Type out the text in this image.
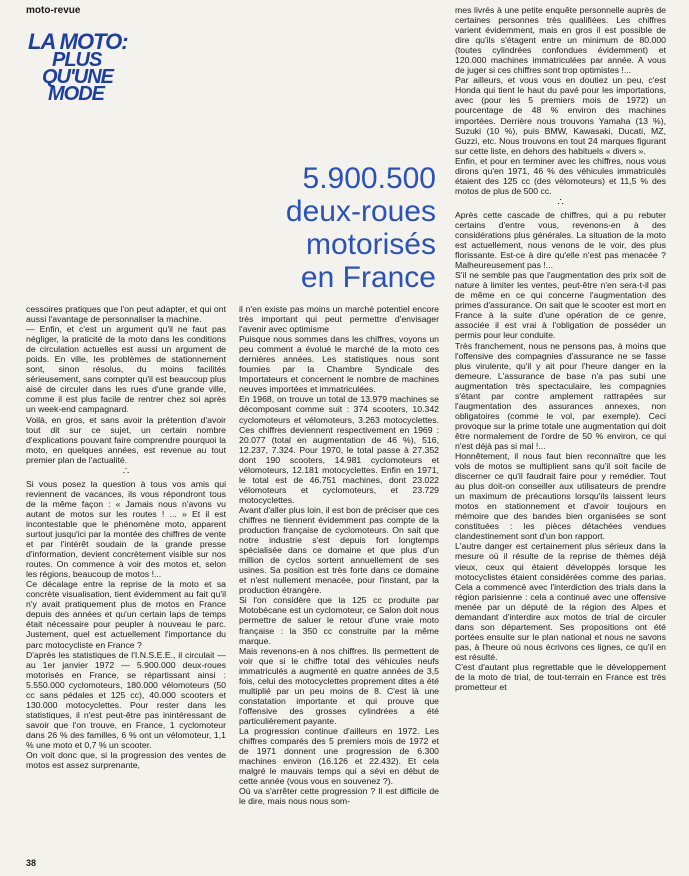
moto-revue
LA MOTO:
PLUS
QU'UNE
MODE
5.900.500
deux-roues
motorisés
en France

cessoires pratiques que l'on peut adapter, et qui ont aussi l'avantage de personnaliser la machine.

— Enfin, et c'est un argument qu'il ne faut pas négliger, la praticité de la moto dans les conditions de circulation actuelles est aussi un argument de poids. En ville, les problèmes de stationnement sont, sinon résolus, du moins facilités sérieusement, sans compter qu'il est beaucoup plus aisé de circuler dans les rues d'une grande ville, comme il est plus facile de rentrer chez soi après un week-end campagnard.

Voilà, en gros, et sans avoir la prétention d'avoir tout dit sur ce sujet, un certain nombre d'explications pouvant faire comprendre pourquoi la moto, en quelques années, est revenue au tout premier plan de l'actualité.

∴

Si vous posez la question à tous vos amis qui reviennent de vacances, ils vous répondront tous de la même façon : « Jamais nous n'avons vu autant de motos sur les routes ! ... » Et il est incontestable que le phénomène moto, apparent surtout jusqu'ici par la montée des chiffres de vente et par l'intérêt soudain de la grande presse d'information, devient concrètement visible sur nos routes. On commence à voir des motos et, selon les régions, beaucoup de motos !...

Ce décalage entre la reprise de la moto et sa concrète visualisation, tient évidemment au fait qu'il n'y avait pratiquement plus de motos en France depuis des années et qu'un certain laps de temps était nécessaire pour peupler à nouveau le parc. Justement, quel est actuellement l'importance du parc motocycliste en France ?

D'après les statistiques de l'I.N.S.E.E., il circulait — au 1er janvier 1972 — 5.900.000 deux-roues motorisés en France, se répartissant ainsi : 5.550.000 cyclomoteurs, 180.000 vélomoteurs (50 cc sans pédales et 125 cc), 40.000 scooters et 130.000 motocyclettes. Pour rester dans les statistiques, il n'est peut-être pas inintéressant de savoir que l'on trouve, en France, 1 cyclomoteur dans 26 % des familles, 6 % ont un vélomoteur, 1,1 % une moto et 0,7 % un scooter.

On voit donc que, si la progression des ventes de motos est assez surprenante,

il n'en existe pas moins un marché potentiel encore très important qui peut permettre d'envisager l'avenir avec optimisme

Puisque nous sommes dans les chiffres, voyons un peu comment a évolué le marché de la moto ces dernières années. Les statistiques nous sont fournies par la Chambre Syndicale des Importateurs et concernent le nombre de machines neuves importées et immatriculées.

En 1968, on trouve un total de 13.979 machines se décomposant comme suit : 374 scooters, 10.342 cyclomoteurs et vélomoteurs, 3.263 motocyclettes. Ces chiffres deviennent respectivement en 1969 : 20.077 (total en augmentation de 46 %), 516, 12.237, 7.324. Pour 1970, le total passe à 27.352 dont 190 scooters, 14.981 cyclomoteurs et vélomoteurs, 12.181 motocyclettes. Enfin en 1971, le total est de 46.751 machines, dont 23.022 vélomoteurs et cyclomoteurs, et 23.729 motocyclettes.

Avant d'aller plus loin, il est bon de préciser que ces chiffres ne tiennent évidemment pas compte de la production française de cyclomoteurs. On sait que notre industrie s'est depuis fort longtemps spécialisée dans ce domaine et que plus d'un million de cyclos sortent annuellement de ses usines. Sa position est très forte dans ce domaine et n'est nullement menacée, pour l'instant, par la production étrangère.

Si l'on considère que la 125 cc produite par Motobécane est un cyclomoteur, ce Salon doit nous permettre de saluer le retour d'une vraie moto française : la 350 cc construite par la même marque.

Mais revenons-en à nos chiffres. Ils permettent de voir que si le chiffre total des véhicules neufs immatriculés a augmenté en quatre années de 3,5 fois, celui des motocyclettes proprement dites a été multiplié par un peu moins de 8. C'est là une constatation importante et qui prouve que l'offensive des grosses cylindrées a été particulièrement payante.

La progression continue d'ailleurs en 1972. Les chiffres comparés des 5 premiers mois de 1972 et de 1971 donnent une progression de 6.300 machines environ (16.126 et 22.432). Et cela malgré le mauvais temps qui a sévi en début de cette année (vous vous en souvenez ?).

Où va s'arrêter cette progression ? Il est difficile de le dire, mais nous nous som-

mes livrés à une petite enquête personnelle auprès de certaines personnes très qualifiées. Les chiffres varient évidemment, mais en gros il est possible de dire qu'ils s'étagent entre un minimum de 80.000 (toutes cylindrées confondues évidemment) et 120.000 machines immatriculées par année. A vous de juger si ces chiffres sont trop optimistes !...

Par ailleurs, et vous vous en doutiez un peu, c'est Honda qui tient le haut du pavé pour les importations, avec (pour les 5 premiers mois de 1972) un pourcentage de 48 % environ des machines importées. Derrière nous trouvons Yamaha (13 %), Suzuki (10 %), puis BMW, Kawasaki, Ducati, MZ, Guzzi, etc. Nous trouvons en tout 24 marques figurant sur cette liste, en dehors des habituels « divers ».

Enfin, et pour en terminer avec les chiffres, nous vous dirons qu'en 1971, 46 % des véhicules immatriculés étaient des 125 cc (des vélomoteurs) et 11,5 % des motos de plus de 500 cc.

∴

Après cette cascade de chiffres, qui a pu rebuter certains d'entre vous, revenons-en à des considérations plus générales. La situation de la moto est actuellement, nous venons de le voir, des plus florissante. Est-ce à dire qu'elle n'est pas menacée ? Malheureusement pas !...

S'il ne semble pas que l'augmentation des prix soit de nature à limiter les ventes, peut-être n'en sera-t-il pas de même en ce qui concerne l'augmentation des primes d'assurance. On sait que le scooter est mort en France à la suite d'une opération de ce genre, associée il est vrai à l'obligation de posséder un permis pour leur conduite.

Très franchement, nous ne pensons pas, à moins que l'offensive des compagnies d'assurance ne se fasse plus virulente, qu'il y ait pour l'heure danger en la demeure. L'assurance de base n'a pas subi une augmentation très spectaculaire, les compagnies s'étant par contre amplement rattrapées sur l'augmentation des assurances annexes, non obligatoires (comme le vol, par exemple). Ceci provoque sur la prime totale une augmentation qui doit être normalement de l'ordre de 50 % environ, ce qui n'est déjà pas si mal !...

Honnêtement, il nous faut bien reconnaître que les vols de motos se multiplient sans qu'il soit facile de discerner ce qu'il faudrait faire pour y remédier. Tout au plus doit-on conseiller aux utilisateurs de prendre un maximum de précautions lorsqu'ils laissent leurs motos en stationnement et d'avoir toujours en mémoire que des bandes bien organisées se sont constituées : les pièces détachées vendues clandestinement sont d'un bon rapport.

L'autre danger est certainement plus sérieux dans la mesure où il résulte de la reprise de thèmes déjà vieux, ceux qui étaient développés lorsque les motocyclistes étaient considérées comme des parias. Cela a commencé avec l'interdiction des trials dans la région parisienne : cela a continué avec une offensive menée par un député de la région des Alpes et demandant d'interdire aux motos de trial de circuler dans son département. Ses propositions ont été portées ensuite sur le plan national et nous ne savons pas, à l'heure où nous écrivons ces lignes, ce qu'il en est résulté.

C'est d'autant plus regrettable que le développement de la moto de trial, de tout-terrain en France est très prometteur et

38
